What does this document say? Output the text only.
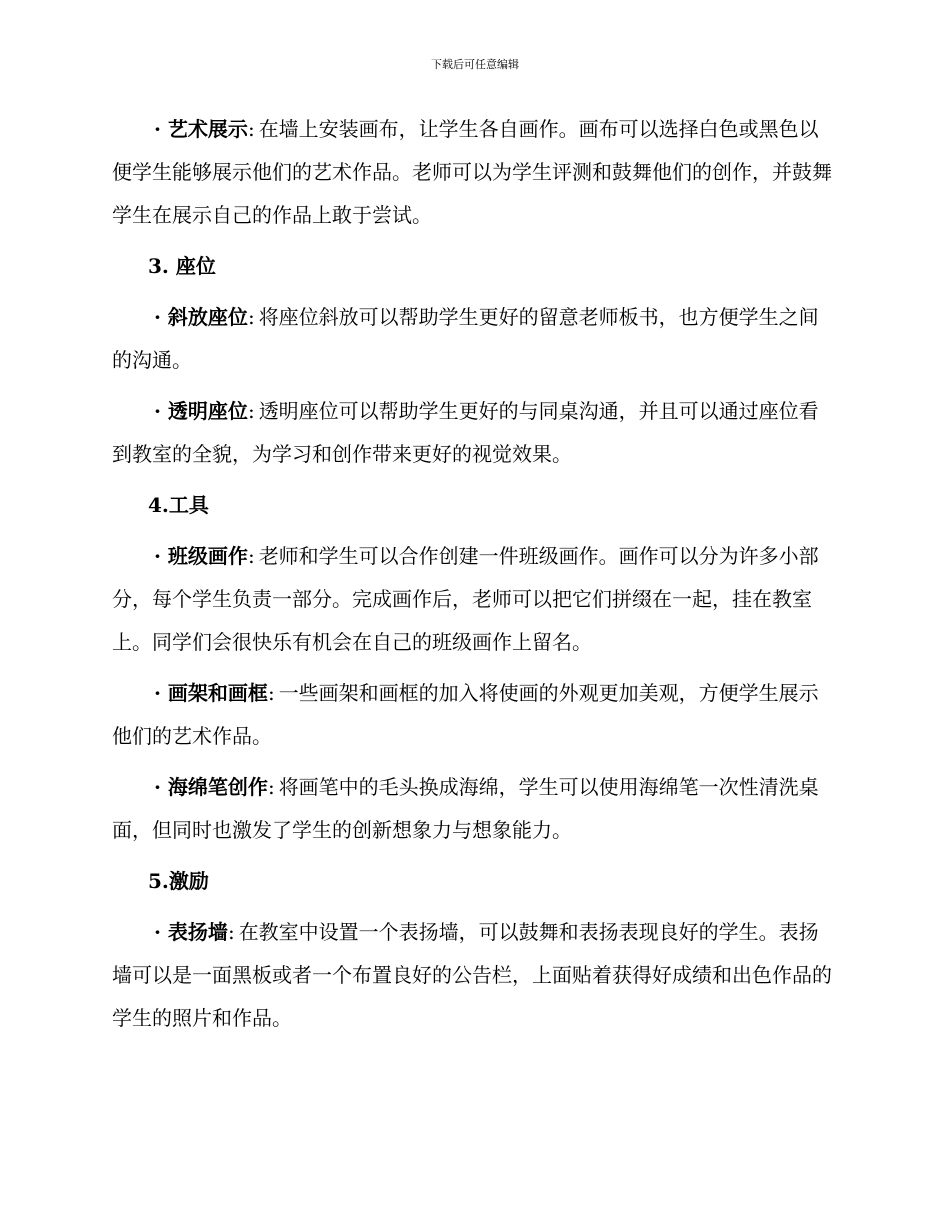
下载后可任意编辑

· 艺术展示: 在墙上安装画布，让学生各自画作。画布可以选择白色或黑色以便学生能够展示他们的艺术作品。老师可以为学生评测和鼓舞他们的创作，并鼓舞学生在展示自己的作品上敢于尝试。

3. 座位

· 斜放座位: 将座位斜放可以帮助学生更好的留意老师板书，也方便学生之间的沟通。

· 透明座位: 透明座位可以帮助学生更好的与同桌沟通，并且可以通过座位看到教室的全貌，为学习和创作带来更好的视觉效果。

4.工具

· 班级画作: 老师和学生可以合作创建一件班级画作。画作可以分为许多小部分，每个学生负责一部分。完成画作后，老师可以把它们拼缀在一起，挂在教室上。同学们会很快乐有机会在自己的班级画作上留名。

· 画架和画框: 一些画架和画框的加入将使画的外观更加美观，方便学生展示他们的艺术作品。

· 海绵笔创作: 将画笔中的毛头换成海绵，学生可以使用海绵笔一次性清洗桌面，但同时也激发了学生的创新想象力与想象能力。

5.激励

· 表扬墙: 在教室中设置一个表扬墙，可以鼓舞和表扬表现良好的学生。表扬墙可以是一面黑板或者一个布置良好的公告栏，上面贴着获得好成绩和出色作品的学生的照片和作品。
